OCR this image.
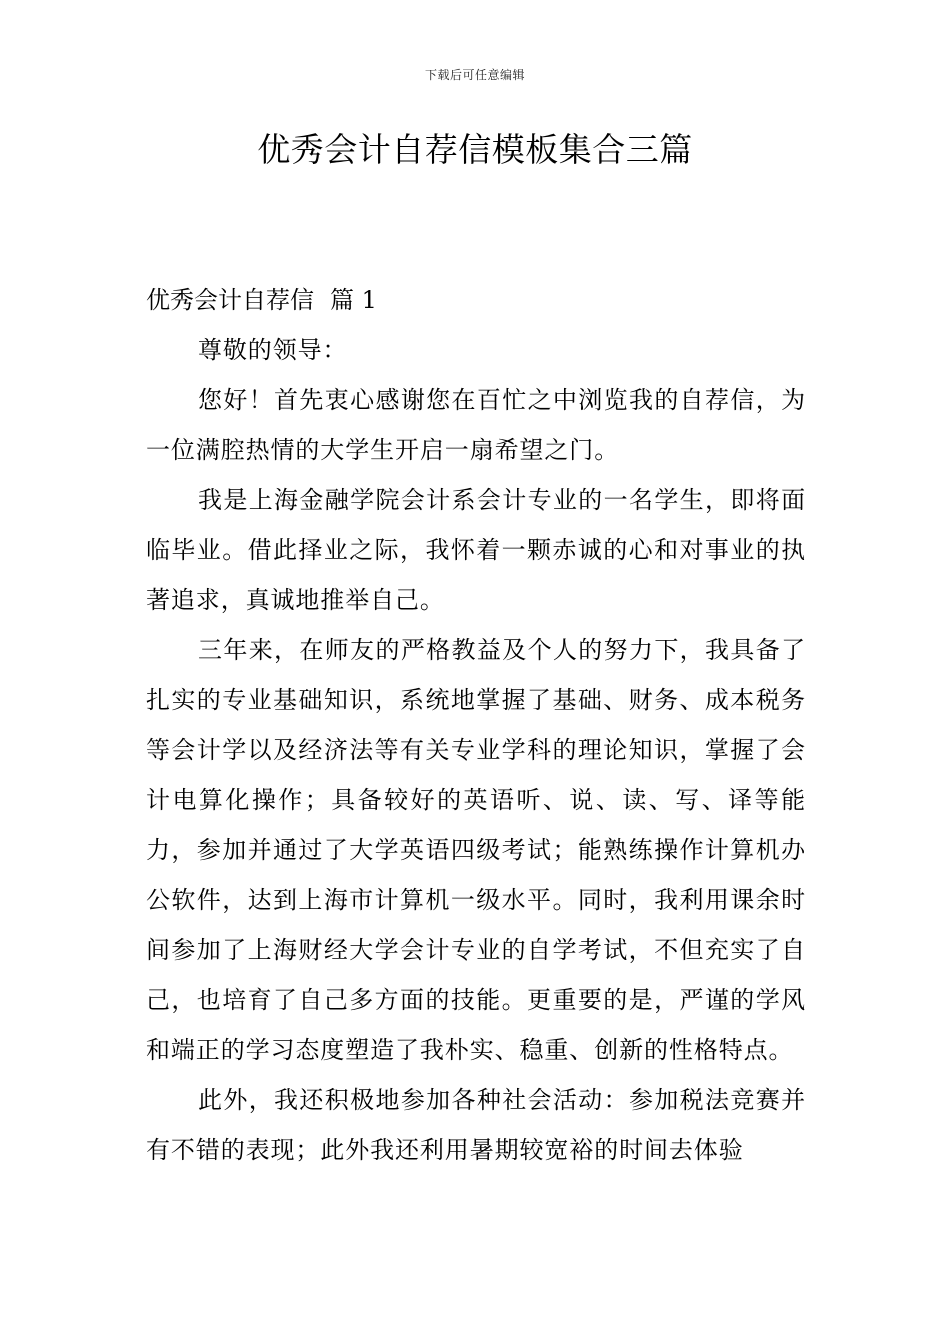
下载后可任意编辑
优秀会计自荐信模板集合三篇
优秀会计自荐信 篇 1

尊敬的领导：

您好！首先衷心感谢您在百忙之中浏览我的自荐信，为一位满腔热情的大学生开启一扇希望之门。

我是上海金融学院会计系会计专业的一名学生，即将面临毕业。借此择业之际，我怀着一颗赤诚的心和对事业的执著追求，真诚地推举自己。

三年来，在师友的严格教益及个人的努力下，我具备了扎实的专业基础知识，系统地掌握了基础、财务、成本税务等会计学以及经济法等有关专业学科的理论知识，掌握了会计电算化操作；具备较好的英语听、说、读、写、译等能力，参加并通过了大学英语四级考试；能熟练操作计算机办公软件，达到上海市计算机一级水平。同时，我利用课余时间参加了上海财经大学会计专业的自学考试，不但充实了自己，也培育了自己多方面的技能。更重要的是，严谨的学风和端正的学习态度塑造了我朴实、稳重、创新的性格特点。

此外，我还积极地参加各种社会活动：参加税法竞赛并有不错的表现；此外我还利用暑期较宽裕的时间去体验
